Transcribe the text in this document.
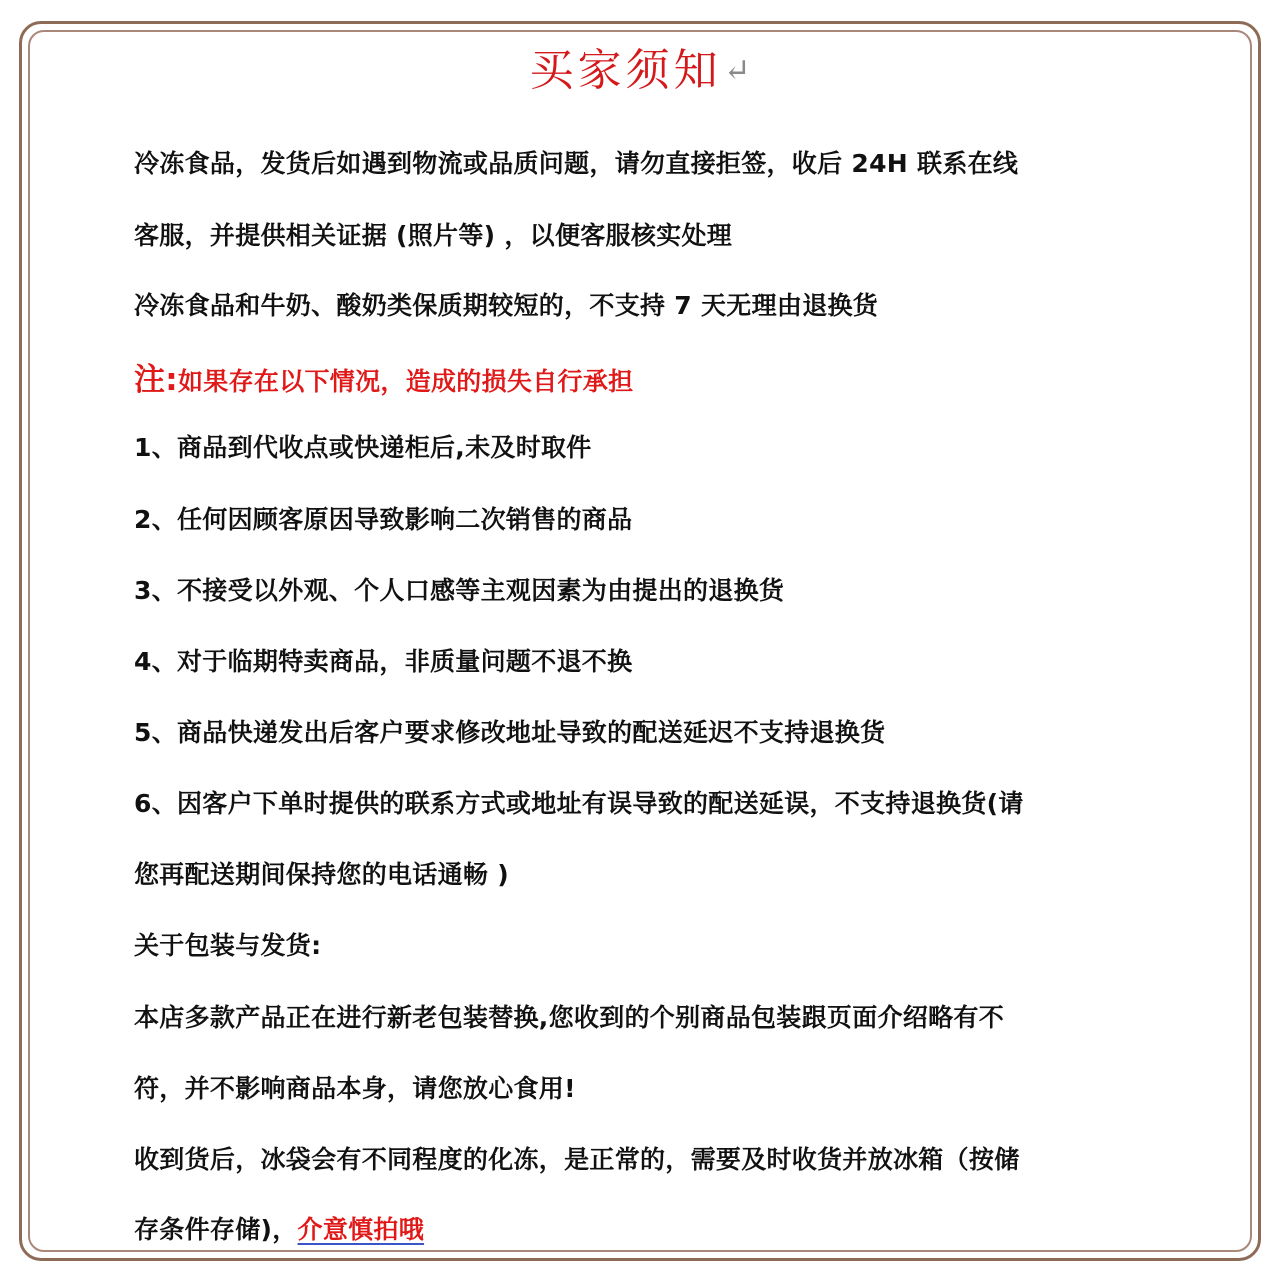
买家须知↵
冷冻食品，发货后如遇到物流或品质问题，请勿直接拒签，收后 24H 联系在线
客服，并提供相关证据 (照片等) ，以便客服核实处理
冷冻食品和牛奶、酸奶类保质期较短的，不支持 7 天无理由退换货
注:如果存在以下情况，造成的损失自行承担
1、商品到代收点或快递柜后,未及时取件
2、任何因顾客原因导致影响二次销售的商品
3、不接受以外观、个人口感等主观因素为由提出的退换货
4、对于临期特卖商品，非质量问题不退不换
5、商品快递发出后客户要求修改地址导致的配送延迟不支持退换货
6、因客户下单时提供的联系方式或地址有误导致的配送延误，不支持退换货(请
您再配送期间保持您的电话通畅 )
关于包装与发货:
本店多款产品正在进行新老包装替换,您收到的个别商品包装跟页面介绍略有不
符，并不影响商品本身，请您放心食用!
收到货后，冰袋会有不同程度的化冻，是正常的，需要及时收货并放冰箱（按储
存条件存储)，介意慎拍哦
